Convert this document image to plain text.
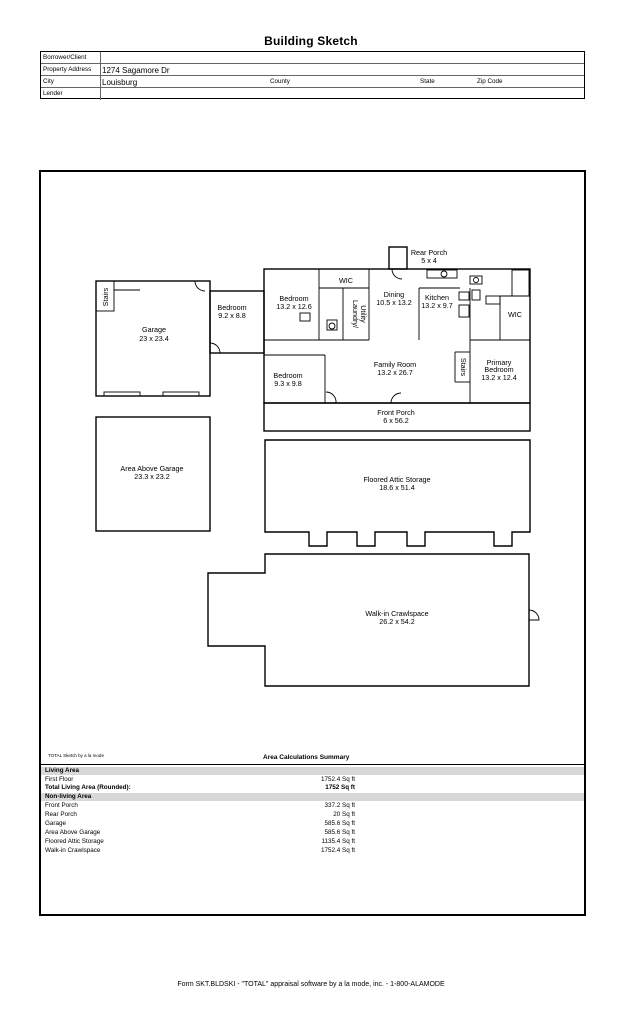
Building Sketch
Borrower/Client
Property Address 1274 Sagamore Dr
City	Louisburg	County	State	Zip Code
Lender
Rear Porch
5 x 4
Stairs
Garage
23 x 23.4
Bedroom
9.2 x 8.8
Bedroom
13.2 x 12.6
WIC
Laundry/ Utility
Dining
10.5 x 13.2
Kitchen
13.2 x 9.7
WIC
Family Room
13.2 x 26.7	Stairs	Primary
Bedroom
13.2 x 12.4
Bedroom
9.3 x 9.8
Front Porch
6 x 56.2
Area Above Garage
23.3 x 23.2	Floored Attic Storage
18.6 x 51.4
Walk-in Crawlspace
26.2 x 54.2
TOTAL Sketch by a la mode	Area Calculations Summary
Living Area
First Floor	1752.4 Sq ft
Total Living Area (Rounded):	1752 Sq ft
Non-living Area
Front Porch	337.2 Sq ft
Rear Porch	20 Sq ft
Garage	585.6 Sq ft
Area Above Garage	585.6 Sq ft
Floored Attic Storage	1135.4 Sq ft
Walk-in Crawlspace	1752.4 Sq ft
Form SKT.BLDSKI - "TOTAL" appraisal software by a la mode, inc. - 1-800-ALAMODE
